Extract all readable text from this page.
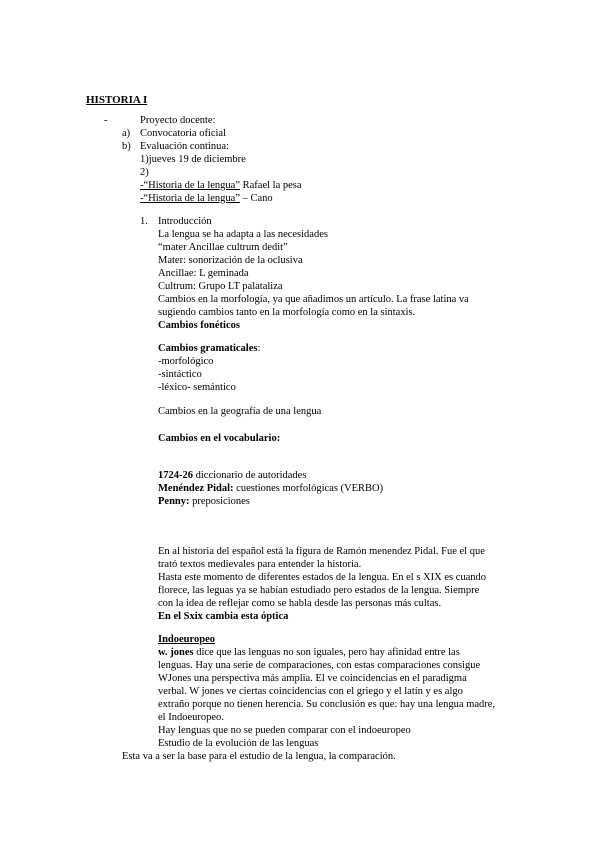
HISTORIA I
-	Proyecto docente:
a) Convocatoria oficial
b) Evaluación continua:
1)jueves 19 de diciembre
2)
-“Historia de la lengua” Rafael la pesa
-“Historia de la lengua” – Cano
1. Introducción
La lengua se ha adapta a las necesidades
“mater Ancillae cultrum dedit”
Mater: sonorización de la oclusiva
Ancillae: L geminada
Cultrum: Grupo LT palataliza
Cambios en la morfología, ya que añadimos un artículo. La frase latina va
sugiendo cambios tanto en la morfología como en la sintaxis.
Cambios fonéticos
Cambios gramaticales:
-morfológico
-sintáctico
-léxico- semántico
Cambios en la geografía de una lengua
Cambios en el vocabulario:
1724-26 diccionario de autoridades
Menéndez Pidal: cuestiones morfológicas (VERBO)
Penny: preposiciones
En al historia del español está la figura de Ramón menendez Pidal. Fue el que
trató textos medievales para entender la historia.
Hasta este momento de diferentes estados de la lengua. En el s XIX es cuando
florece, las leguas ya se habían estudiado pero estados de la lengua. Siempre
con la idea de reflejar como se habla desde las personas más cultas.
En el Sxix cambia esta óptica
Indoeuropeo
w. jones dice que las lenguas no son iguales, pero hay afinidad entre las
lenguas. Hay una serie de comparaciones, con estas comparaciones consigue
WJones una perspectiva más amplia. El ve coincidencias en el paradigma
verbal. W jones ve ciertas coincidencias con el griego y el latín y es algo
extraño porque no tienen herencia. Su conclusión es que: hay una lengua madre,
el Indoeuropeo.
Hay lenguas que no se pueden comparar con el indoeuropeo
Estudio de la evolución de las lenguas
Esta va a ser la base para el estudio de la lengua, la comparación.
